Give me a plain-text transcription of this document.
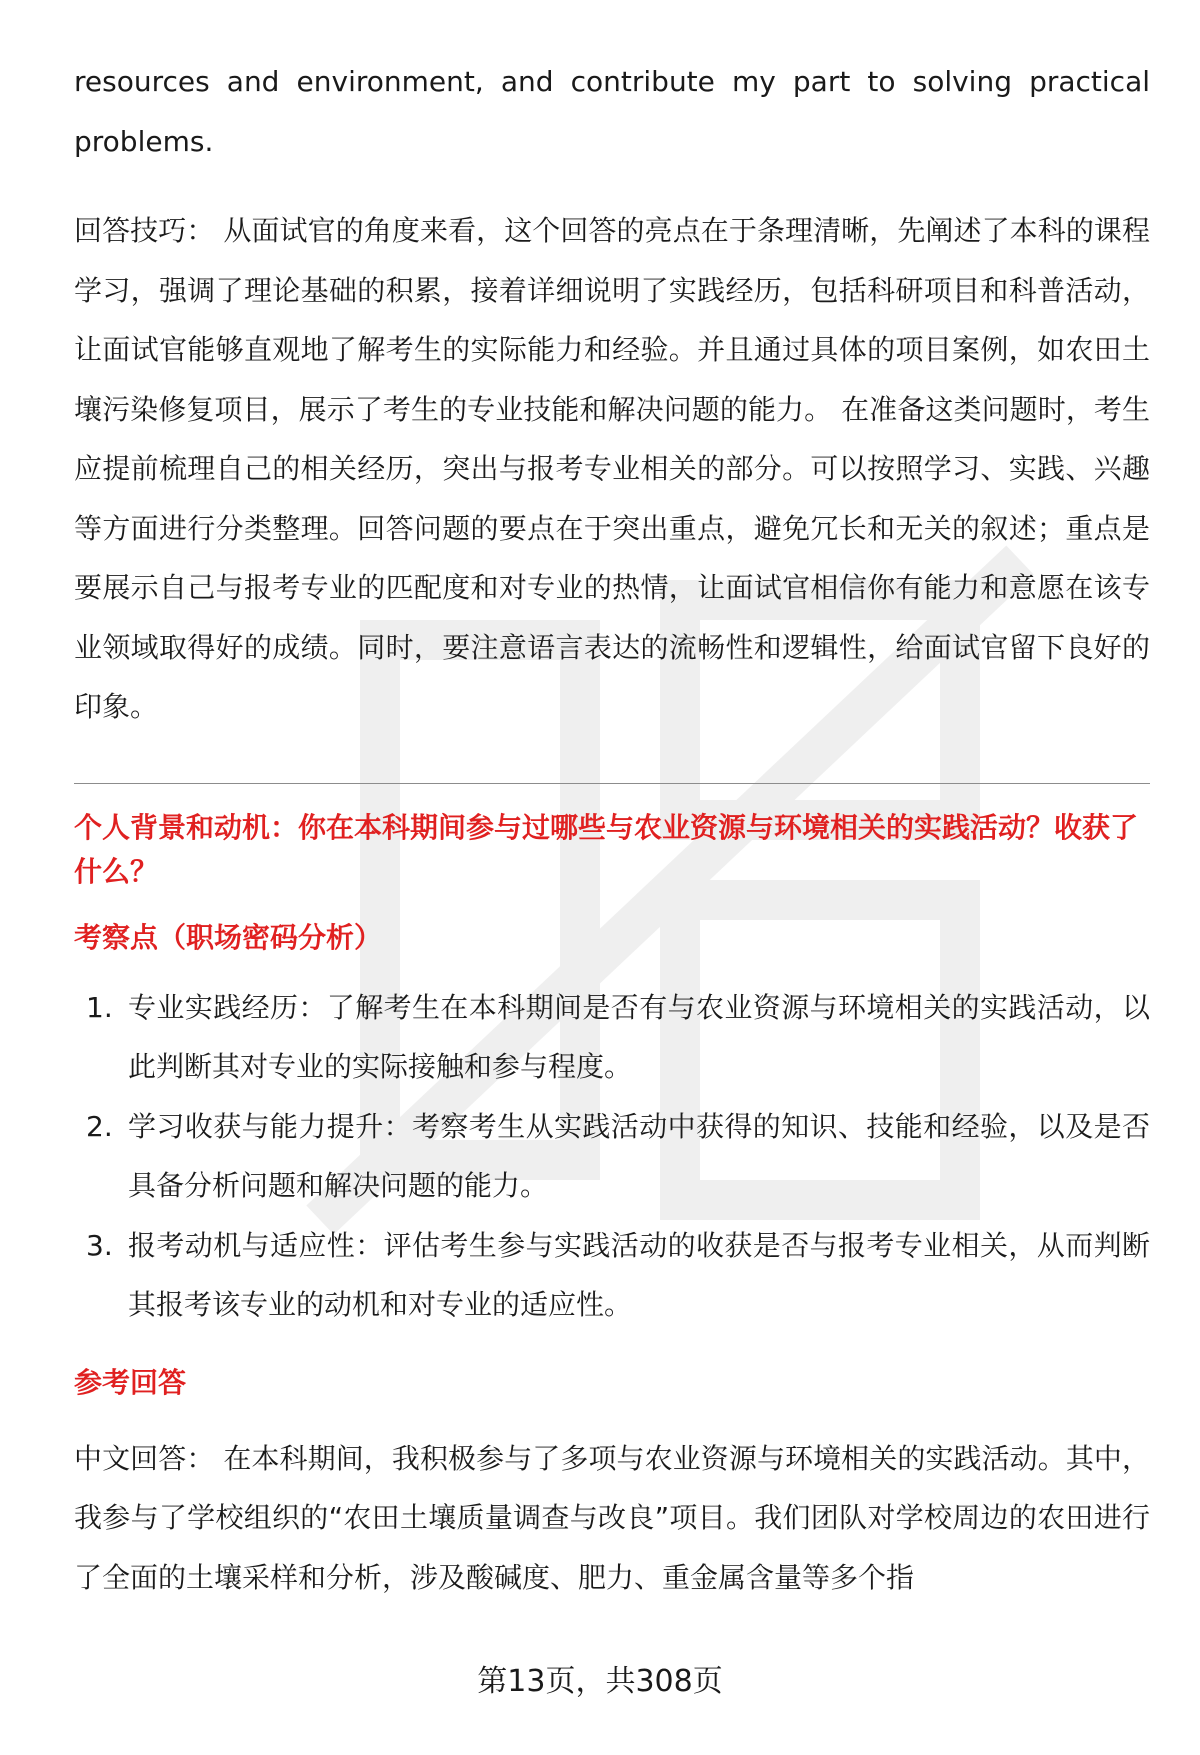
resources and environment, and contribute my part to solving practical problems.

回答技巧： 从面试官的角度来看，这个回答的亮点在于条理清晰，先阐述了本科的课程学习，强调了理论基础的积累，接着详细说明了实践经历，包括科研项目和科普活动，让面试官能够直观地了解考生的实际能力和经验。并且通过具体的项目案例，如农田土壤污染修复项目，展示了考生的专业技能和解决问题的能力。 在准备这类问题时，考生应提前梳理自己的相关经历，突出与报考专业相关的部分。可以按照学习、实践、兴趣等方面进行分类整理。回答问题的要点在于突出重点，避免冗长和无关的叙述；重点是要展示自己与报考专业的匹配度和对专业的热情，让面试官相信你有能力和意愿在该专业领域取得好的成绩。同时，要注意语言表达的流畅性和逻辑性，给面试官留下良好的印象。

个人背景和动机：你在本科期间参与过哪些与农业资源与环境相关的实践活动？收获了什么？

考察点（职场密码分析）

1. 专业实践经历：了解考生在本科期间是否有与农业资源与环境相关的实践活动，以此判断其对专业的实际接触和参与程度。
2. 学习收获与能力提升：考察考生从实践活动中获得的知识、技能和经验，以及是否具备分析问题和解决问题的能力。
3. 报考动机与适应性：评估考生参与实践活动的收获是否与报考专业相关，从而判断其报考该专业的动机和对专业的适应性。

参考回答

中文回答： 在本科期间，我积极参与了多项与农业资源与环境相关的实践活动。其中，我参与了学校组织的“农田土壤质量调查与改良”项目。我们团队对学校周边的农田进行了全面的土壤采样和分析，涉及酸碱度、肥力、重金属含量等多个指

第13页，共308页
